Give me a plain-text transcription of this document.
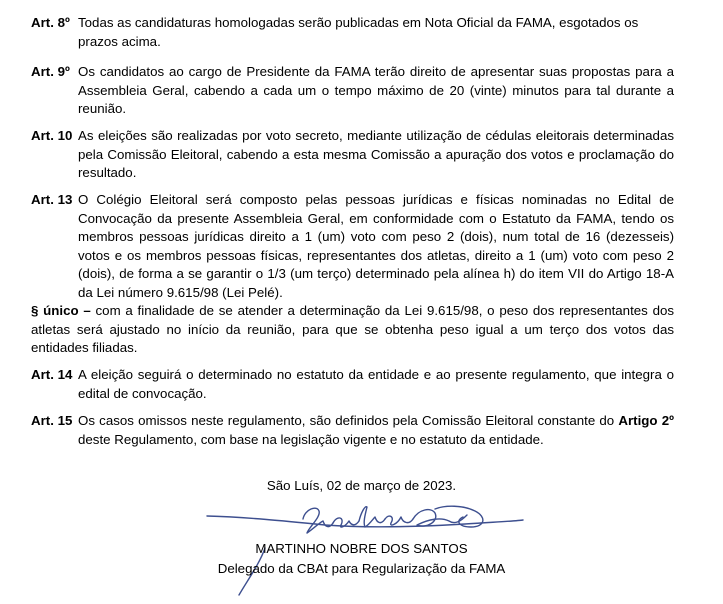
Art. 8º Todas as candidaturas homologadas serão publicadas em Nota Oficial da FAMA, esgotados os prazos acima.
Art. 9º Os candidatos ao cargo de Presidente da FAMA terão direito de apresentar suas propostas para a Assembleia Geral, cabendo a cada um o tempo máximo de 20 (vinte) minutos para tal durante a reunião.
Art. 10 As eleições são realizadas por voto secreto, mediante utilização de cédulas eleitorais determinadas pela Comissão Eleitoral, cabendo a esta mesma Comissão a apuração dos votos e proclamação do resultado.
Art. 13 O Colégio Eleitoral será composto pelas pessoas jurídicas e físicas nominadas no Edital de Convocação da presente Assembleia Geral, em conformidade com o Estatuto da FAMA, tendo os membros pessoas jurídicas direito a 1 (um) voto com peso 2 (dois), num total de 16 (dezesseis) votos e os membros pessoas físicas, representantes dos atletas, direito a 1 (um) voto com peso 2 (dois), de forma a se garantir o 1/3 (um terço) determinado pela alínea h) do item VII do Artigo 18-A da Lei número 9.615/98 (Lei Pelé).
§ único – com a finalidade de se atender a determinação da Lei 9.615/98, o peso dos representantes dos atletas será ajustado no início da reunião, para que se obtenha peso igual a um terço dos votos das entidades filiadas.
Art. 14 A eleição seguirá o determinado no estatuto da entidade e ao presente regulamento, que integra o edital de convocação.
Art. 15 Os casos omissos neste regulamento, são definidos pela Comissão Eleitoral constante do Artigo 2º deste Regulamento, com base na legislação vigente e no estatuto da entidade.
São Luís, 02 de março de 2023.
MARTINHO NOBRE DOS SANTOS
Delegado da CBAt para Regularização da FAMA
